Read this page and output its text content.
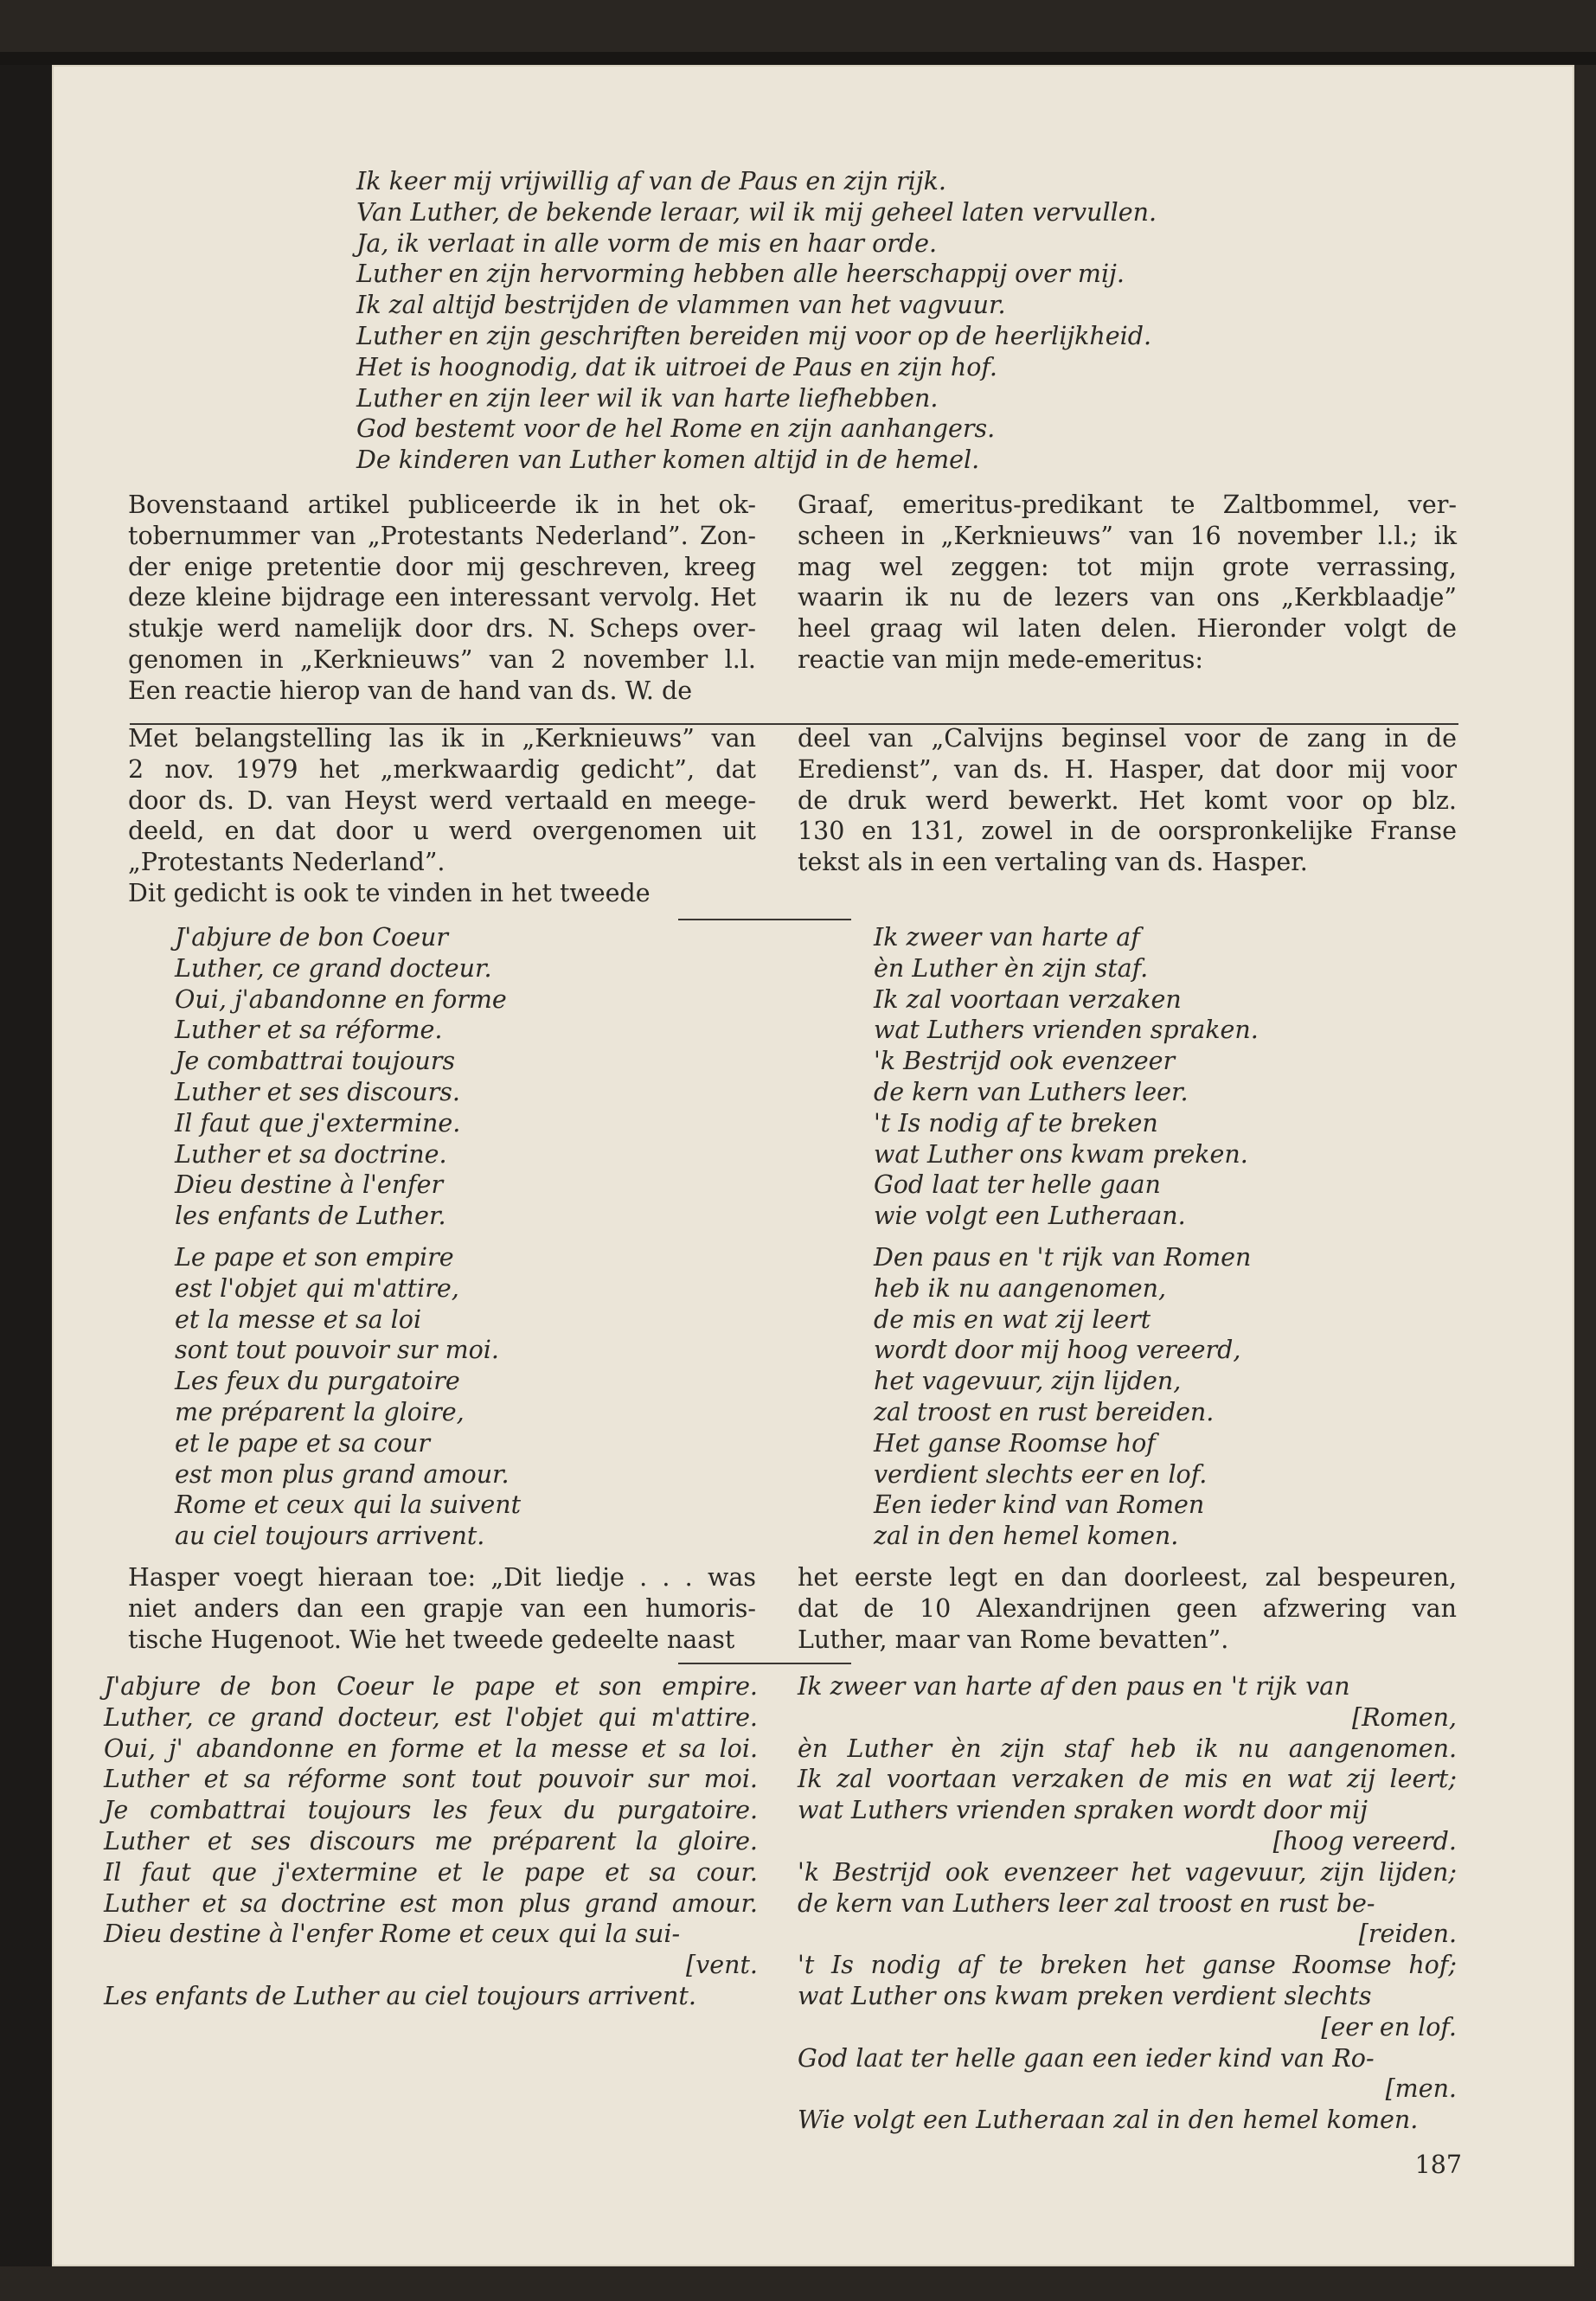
Ik keer mij vrijwillig af van de Paus en zijn rijk.
Van Luther, de bekende leraar, wil ik mij geheel laten vervullen.
Ja, ik verlaat in alle vorm de mis en haar orde.
Luther en zijn hervorming hebben alle heerschappij over mij.
Ik zal altijd bestrijden de vlammen van het vagvuur.
Luther en zijn geschriften bereiden mij voor op de heerlijkheid.
Het is hoognodig, dat ik uitroei de Paus en zijn hof.
Luther en zijn leer wil ik van harte liefhebben.
God bestemt voor de hel Rome en zijn aanhangers.
De kinderen van Luther komen altijd in de hemel.
Bovenstaand artikel publiceerde ik in het ok-
tobernummer van „Protestants Nederland”. Zon-
der enige pretentie door mij geschreven, kreeg
deze kleine bijdrage een interessant vervolg. Het
stukje werd namelijk door drs. N. Scheps over-
genomen in „Kerknieuws” van 2 november l.l.
Een reactie hierop van de hand van ds. W. de
Graaf, emeritus-predikant te Zaltbommel, ver-
scheen in „Kerknieuws” van 16 november l.l.; ik
mag wel zeggen: tot mijn grote verrassing,
waarin ik nu de lezers van ons „Kerkblaadje”
heel graag wil laten delen. Hieronder volgt de
reactie van mijn mede-emeritus:
Met belangstelling las ik in „Kerknieuws” van
2 nov. 1979 het „merkwaardig gedicht”, dat
door ds. D. van Heyst werd vertaald en meege-
deeld, en dat door u werd overgenomen uit
„Protestants Nederland”.
Dit gedicht is ook te vinden in het tweede
deel van „Calvijns beginsel voor de zang in de
Eredienst”, van ds. H. Hasper, dat door mij voor
de druk werd bewerkt. Het komt voor op blz.
130 en 131, zowel in de oorspronkelijke Franse
tekst als in een vertaling van ds. Hasper.
J'abjure de bon Coeur
Luther, ce grand docteur.
Oui, j'abandonne en forme
Luther et sa réforme.
Je combattrai toujours
Luther et ses discours.
Il faut que j'extermine.
Luther et sa doctrine.
Dieu destine à l'enfer
les enfants de Luther.
Ik zweer van harte af
èn Luther èn zijn staf.
Ik zal voortaan verzaken
wat Luthers vrienden spraken.
'k Bestrijd ook evenzeer
de kern van Luthers leer.
't Is nodig af te breken
wat Luther ons kwam preken.
God laat ter helle gaan
wie volgt een Lutheraan.
Le pape et son empire
est l'objet qui m'attire,
et la messe et sa loi
sont tout pouvoir sur moi.
Les feux du purgatoire
me préparent la gloire,
et le pape et sa cour
est mon plus grand amour.
Rome et ceux qui la suivent
au ciel toujours arrivent.
Den paus en 't rijk van Romen
heb ik nu aangenomen,
de mis en wat zij leert
wordt door mij hoog vereerd,
het vagevuur, zijn lijden,
zal troost en rust bereiden.
Het ganse Roomse hof
verdient slechts eer en lof.
Een ieder kind van Romen
zal in den hemel komen.
Hasper voegt hieraan toe: „Dit liedje . . . was
niet anders dan een grapje van een humoris-
tische Hugenoot. Wie het tweede gedeelte naast
het eerste legt en dan doorleest, zal bespeuren,
dat de 10 Alexandrijnen geen afzwering van
Luther, maar van Rome bevatten”.
J'abjure de bon Coeur le pape et son empire.
Luther, ce grand docteur, est l'objet qui m'attire.
Oui, j' abandonne en forme et la messe et sa loi.
Luther et sa réforme sont tout pouvoir sur moi.
Je combattrai toujours les feux du purgatoire.
Luther et ses discours me préparent la gloire.
Il faut que j'extermine et le pape et sa cour.
Luther et sa doctrine est mon plus grand amour.
Dieu destine à l'enfer Rome et ceux qui la sui-
[vent.
Les enfants de Luther au ciel toujours arrivent.
Ik zweer van harte af den paus en 't rijk van
[Romen,
èn Luther èn zijn staf heb ik nu aangenomen.
Ik zal voortaan verzaken de mis en wat zij leert;
wat Luthers vrienden spraken wordt door mij
[hoog vereerd.
'k Bestrijd ook evenzeer het vagevuur, zijn lijden;
de kern van Luthers leer zal troost en rust be-
[reiden.
't Is nodig af te breken het ganse Roomse hof;
wat Luther ons kwam preken verdient slechts
[eer en lof.
God laat ter helle gaan een ieder kind van Ro-
[men.
Wie volgt een Lutheraan zal in den hemel komen.
187
